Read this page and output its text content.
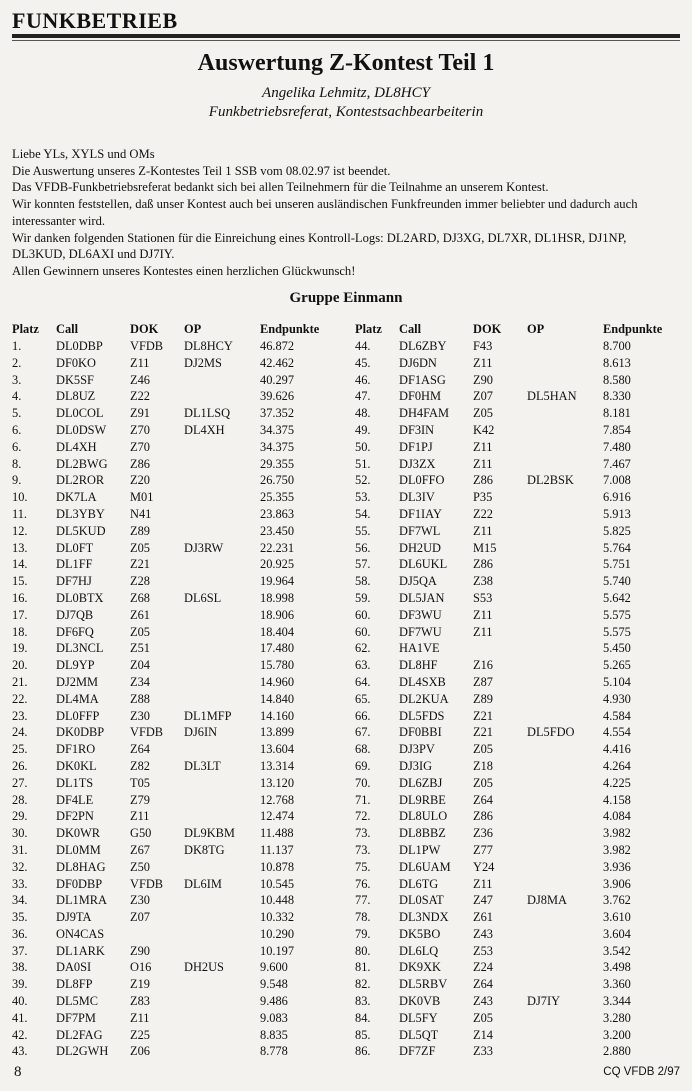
FUNKBETRIEB
Auswertung Z-Kontest Teil 1
Angelika Lehmitz, DL8HCY
Funkbetriebsreferat, Kontestsachbearbeiterin

Liebe YLs, XYLS und OMs

Die Auswertung unseres Z-Kontestes Teil 1 SSB vom 08.02.97 ist beendet.

Das VFDB-Funkbetriebsreferat bedankt sich bei allen Teilnehmern für die Teilnahme an unserem Kontest.

Wir konnten feststellen, daß unser Kontest auch bei unseren ausländischen Funkfreunden immer beliebter und dadurch auch interessanter wird.

Wir danken folgenden Stationen für die Einreichung eines Kontroll-Logs: DL2ARD, DJ3XG, DL7XR, DL1HSR, DJ1NP, DL3KUD, DL6AXI und DJ7IY.

Allen Gewinnern unseres Kontestes einen herzlichen Glückwunsch!

Gruppe Einmann
Platz	Call	DOK	OP	Endpunkte
1.	DL0DBP	VFDB	DL8HCY	46.872
2.	DF0KO	Z11	DJ2MS	42.462
3.	DK5SF	Z46		40.297
4.	DL8UZ	Z22		39.626
5.	DL0COL	Z91	DL1LSQ	37.352
6.	DL0DSW	Z70	DL4XH	34.375
6.	DL4XH	Z70		34.375
8.	DL2BWG	Z86		29.355
9.	DL2ROR	Z20		26.750
10.	DK7LA	M01		25.355
11.	DL3YBY	N41		23.863
12.	DL5KUD	Z89		23.450
13.	DL0FT	Z05	DJ3RW	22.231
14.	DL1FF	Z21		20.925
15.	DF7HJ	Z28		19.964
16.	DL0BTX	Z68	DL6SL	18.998
17.	DJ7QB	Z61		18.906
18.	DF6FQ	Z05		18.404
19.	DL3NCL	Z51		17.480
20.	DL9YP	Z04		15.780
21.	DJ2MM	Z34		14.960
22.	DL4MA	Z88		14.840
23.	DL0FFP	Z30	DL1MFP	14.160
24.	DK0DBP	VFDB	DJ6IN	13.899
25.	DF1RO	Z64		13.604
26.	DK0KL	Z82	DL3LT	13.314
27.	DL1TS	T05		13.120
28.	DF4LE	Z79		12.768
29.	DF2PN	Z11		12.474
30.	DK0WR	G50	DL9KBM	11.488
31.	DL0MM	Z67	DK8TG	11.137
32.	DL8HAG	Z50		10.878
33.	DF0DBP	VFDB	DL6IM	10.545
34.	DL1MRA	Z30		10.448
35.	DJ9TA	Z07		10.332
36.	ON4CAS			10.290
37.	DL1ARK	Z90		10.197
38.	DA0SI	O16	DH2US	9.600
39.	DL8FP	Z19		9.548
40.	DL5MC	Z83		9.486
41.	DF7PM	Z11		9.083
42.	DL2FAG	Z25		8.835
43.	DL2GWH	Z06		8.778
Platz	Call	DOK	OP	Endpunkte
44.	DL6ZBY	F43		8.700
45.	DJ6DN	Z11		8.613
46.	DF1ASG	Z90		8.580
47.	DF0HM	Z07	DL5HAN	8.330
48.	DH4FAM	Z05		8.181
49.	DF3IN	K42		7.854
50.	DF1PJ	Z11		7.480
51.	DJ3ZX	Z11		7.467
52.	DL0FFO	Z86	DL2BSK	7.008
53.	DL3IV	P35		6.916
54.	DF1IAY	Z22		5.913
55.	DF7WL	Z11		5.825
56.	DH2UD	M15		5.764
57.	DL6UKL	Z86		5.751
58.	DJ5QA	Z38		5.740
59.	DL5JAN	S53		5.642
60.	DF3WU	Z11		5.575
60.	DF7WU	Z11		5.575
62.	HA1VE			5.450
63.	DL8HF	Z16		5.265
64.	DL4SXB	Z87		5.104
65.	DL2KUA	Z89		4.930
66.	DL5FDS	Z21		4.584
67.	DF0BBI	Z21	DL5FDO	4.554
68.	DJ3PV	Z05		4.416
69.	DJ3IG	Z18		4.264
70.	DL6ZBJ	Z05		4.225
71.	DL9RBE	Z64		4.158
72.	DL8ULO	Z86		4.084
73.	DL8BBZ	Z36		3.982
73.	DL1PW	Z77		3.982
75.	DL6UAM	Y24		3.936
76.	DL6TG	Z11		3.906
77.	DL0SAT	Z47	DJ8MA	3.762
78.	DL3NDX	Z61		3.610
79.	DK5BO	Z43		3.604
80.	DL6LQ	Z53		3.542
81.	DK9XK	Z24		3.498
82.	DL5RBV	Z64		3.360
83.	DK0VB	Z43	DJ7IY	3.344
84.	DL5FY	Z05		3.280
85.	DL5QT	Z14		3.200
86.	DF7ZF	Z33		2.880
8	CQ VFDB 2/97
